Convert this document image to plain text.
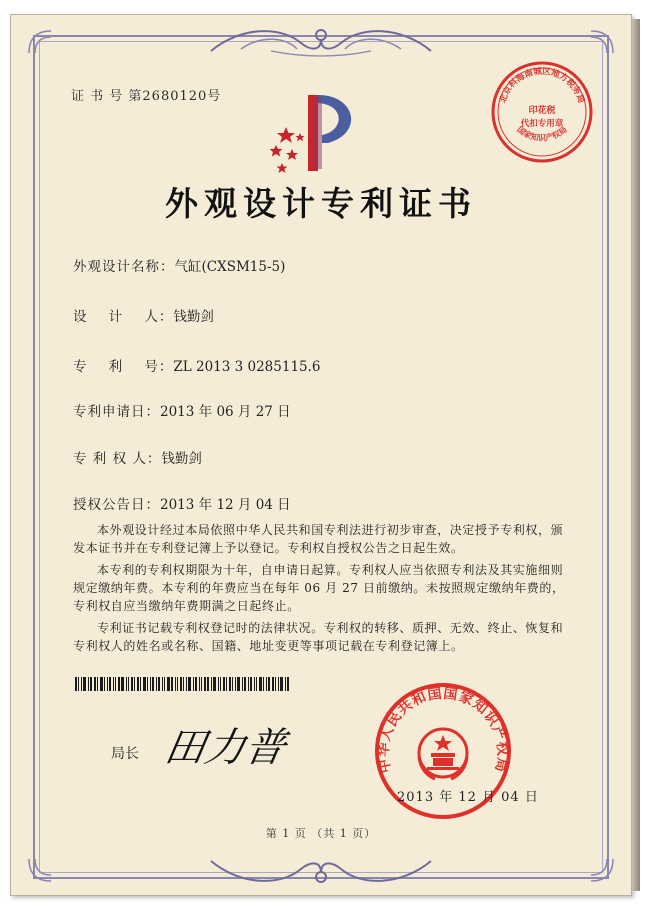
证 书 号 第2680120号	北京科海南城区地方税务局
印花税
代扣专用章
国家知识产权局
外观设计专利证书
外观设计名称：气缸(CXSM15-5)
设    计    人：钱勤剑
专    利    号：ZL 2013 3 0285115.6
专利申请日：2013 年 06 月 27 日
专 利 权 人：钱勤剑
授权公告日：2013 年 12 月 04 日

本外观设计经过本局依照中华人民共和国专利法进行初步审查，决定授予专利权，颁发本证书并在专利登记簿上予以登记。专利权自授权公告之日起生效。

本专利的专利权期限为十年，自申请日起算。专利权人应当依照专利法及其实施细则规定缴纳年费。本专利的年费应当在每年 06 月 27 日前缴纳。未按照规定缴纳年费的，专利权自应当缴纳年费期满之日起终止。

专利证书记载专利权登记时的法律状况。专利权的转移、质押、无效、终止、恢复和专利权人的姓名或名称、国籍、地址变更等事项记载在专利登记簿上。

局长 田力普	中华人民共和国国家知识产权局
2013 年 12 月 04 日
第 1 页 （共 1 页）
